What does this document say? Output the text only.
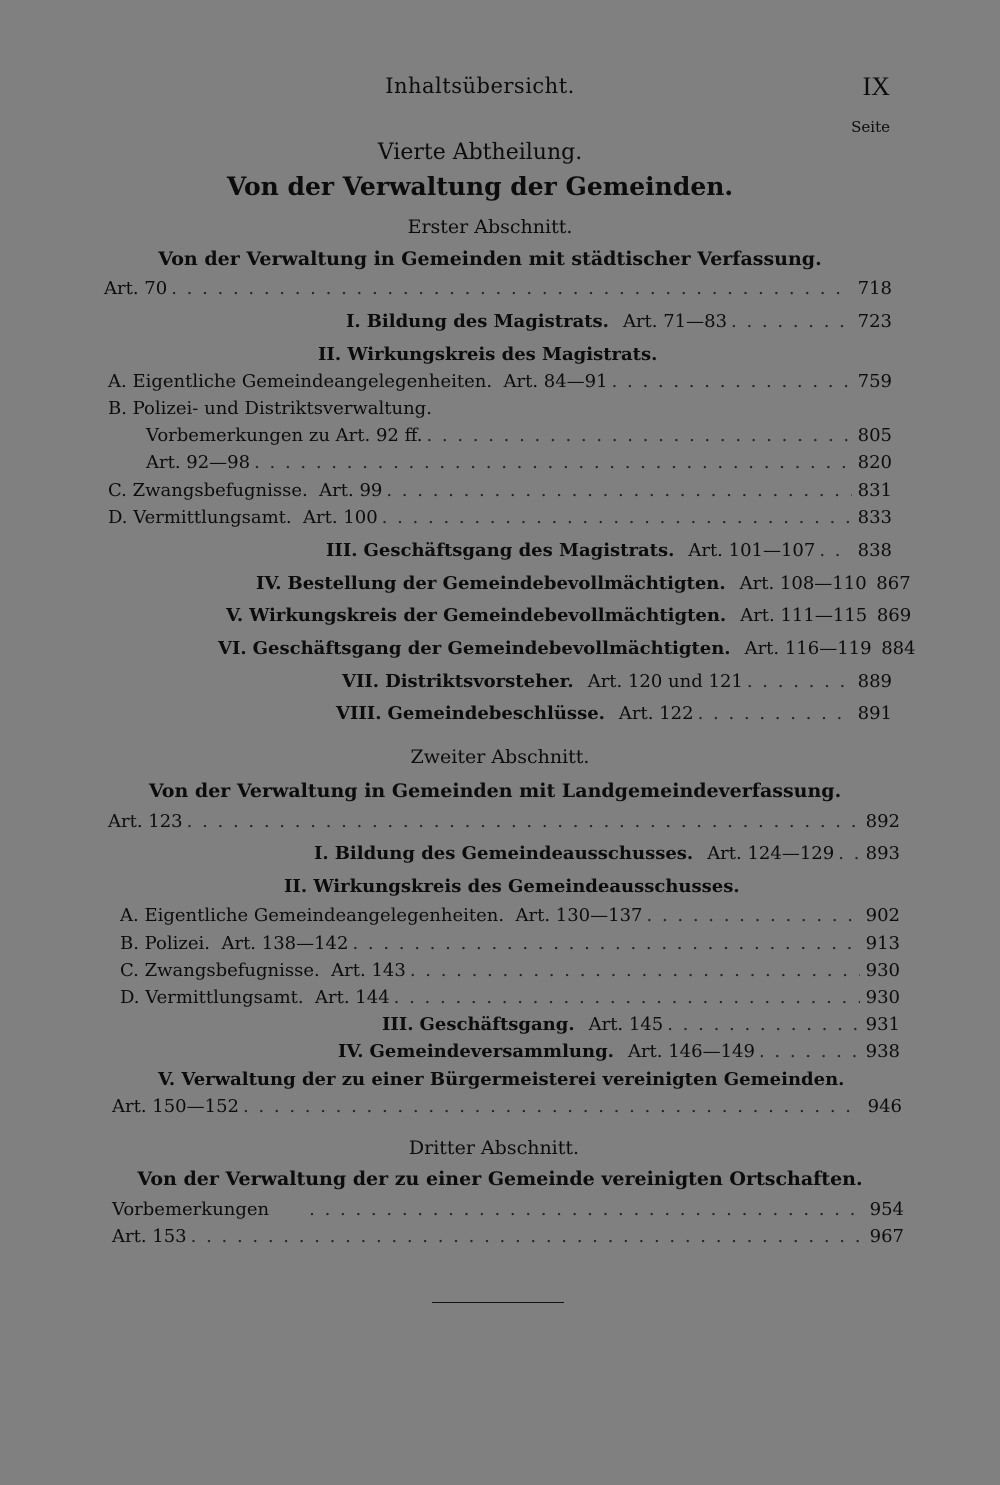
Inhaltsübersicht.	IX
Seite
Vierte Abtheilung.
Von der Verwaltung der Gemeinden.
Erster Abschnitt.
Von der Verwaltung in Gemeinden mit städtischer Verfassung.
Art. 70 . . .	718
I. Bildung des Magistrats. Art. 71—83 . . .	723
II. Wirkungskreis des Magistrats.
A. Eigentliche Gemeindeangelegenheiten.  Art. 84—91 . . .	759
B. Polizei- und Distriktsverwaltung.
Vorbemerkungen zu Art. 92 ff. . . .	805
Art. 92—98 . . .	820
C. Zwangsbefugnisse.  Art. 99 . . .	831
D. Vermittlungsamt.  Art. 100 . . .	833
III. Geschäftsgang des Magistrats. Art. 101—107 . . . 838
IV. Bestellung der Gemeindebevollmächtigten. Art. 108—110 867
V. Wirkungskreis der Gemeindebevollmächtigten. Art. 111—115 869
VI. Geschäftsgang der Gemeindebevollmächtigten. Art. 116—119 884
VII. Distriktsvorsteher. Art. 120 und 121 . . .	889
VIII. Gemeindebeschlüsse. Art. 122 . . .	891
Zweiter Abschnitt.
Von der Verwaltung in Gemeinden mit Landgemeindeverfassung.
Art. 123 . . .	892
I. Bildung des Gemeindeausschusses. Art. 124—129 . . . 893
II. Wirkungskreis des Gemeindeausschusses.
A. Eigentliche Gemeindeangelegenheiten.  Art. 130—137 . . .	902
B. Polizei.  Art. 138—142 . . .	913
C. Zwangsbefugnisse.  Art. 143 . . .	930
D. Vermittlungsamt.  Art. 144 . . .	930
III. Geschäftsgang. Art. 145 . . .	931
IV. Gemeindeversammlung. Art. 146—149 . . .	938
V. Verwaltung der zu einer Bürgermeisterei vereinigten Gemeinden.
Art. 150—152 . . .	946
Dritter Abschnitt.
Von der Verwaltung der zu einer Gemeinde vereinigten Ortschaften.
Vorbemerkungen . . .	954
Art. 153 . . .	967
